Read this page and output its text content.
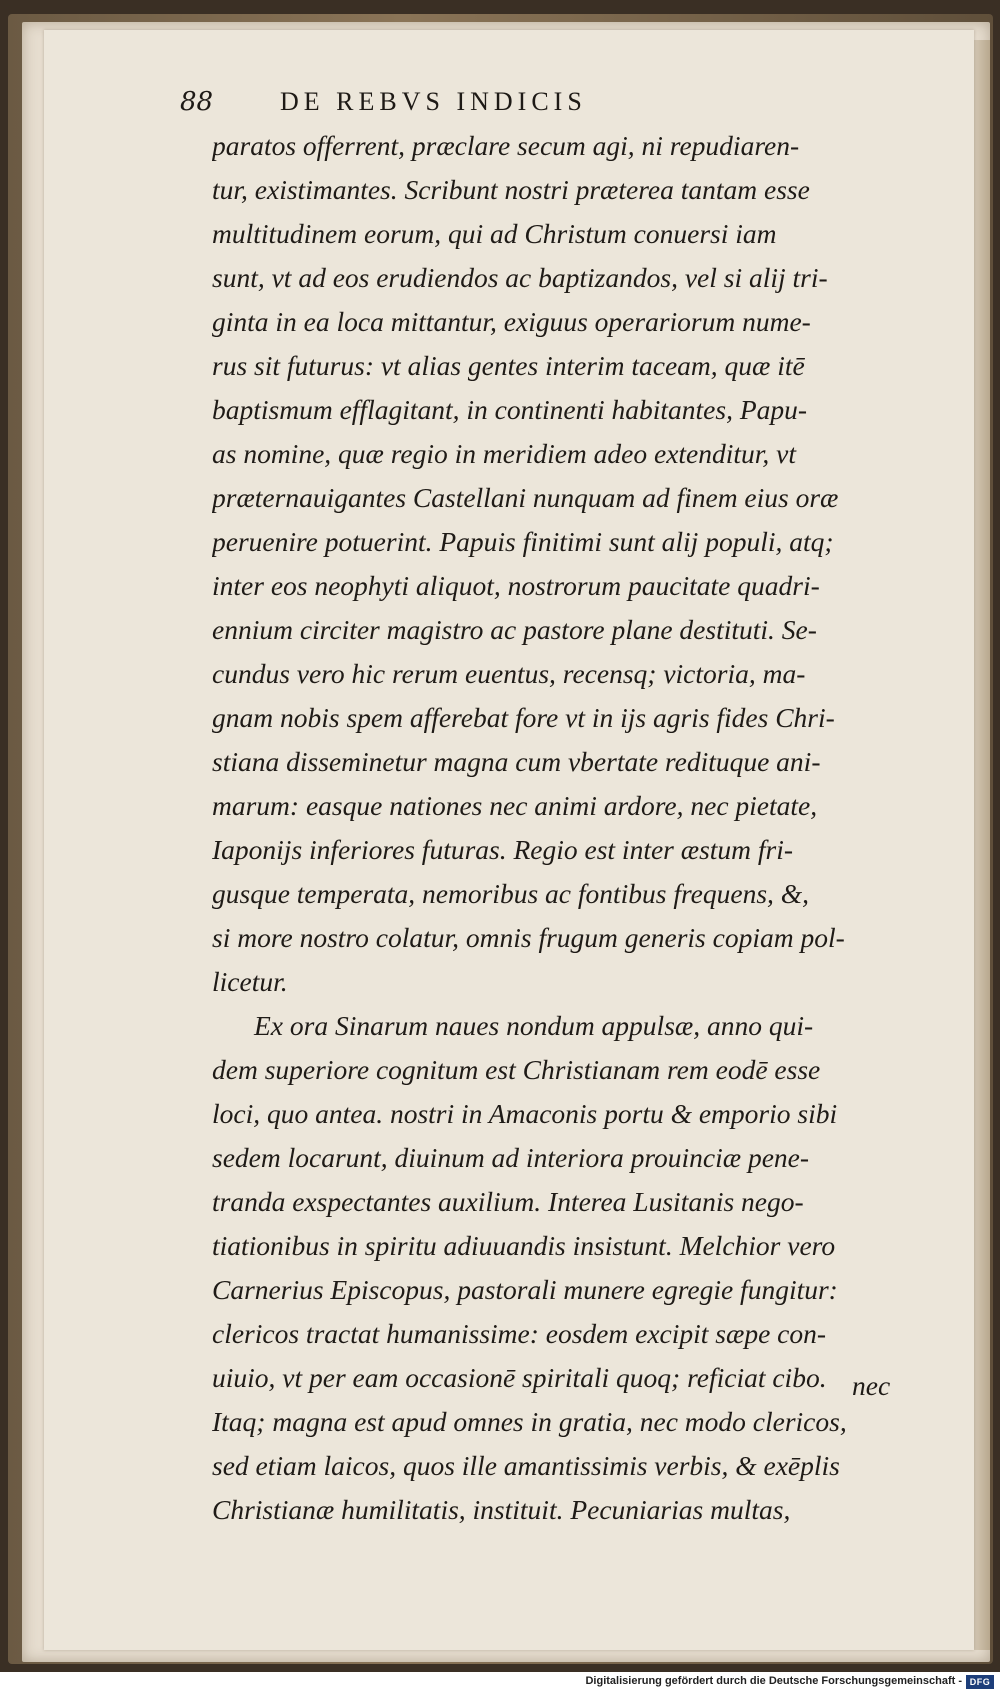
88	DE REBVS INDICIS
paratos offerrent, præclare secum agi, ni repudiaren-
tur, existimantes. Scribunt nostri præterea tantam esse
multitudinem eorum, qui ad Christum conuersi iam
sunt, vt ad eos erudiendos ac baptizandos, vel si alij tri-
ginta in ea loca mittantur, exiguus operariorum nume-
rus sit futurus: vt alias gentes interim taceam, quæ itē
baptismum efflagitant, in continenti habitantes, Papu-
as nomine, quæ regio in meridiem adeo extenditur, vt
præternauigantes Castellani nunquam ad finem eius oræ
peruenire potuerint. Papuis finitimi sunt alij populi, atq;
inter eos neophyti aliquot, nostrorum paucitate quadri-
ennium circiter magistro ac pastore plane destituti. Se-
cundus vero hic rerum euentus, recensq; victoria, ma-
gnam nobis spem afferebat fore vt in ijs agris fides Chri-
stiana disseminetur magna cum vbertate redituque ani-
marum: easque nationes nec animi ardore, nec pietate,
Iaponijs inferiores futuras. Regio est inter æstum fri-
gusque temperata, nemoribus ac fontibus frequens, &,
si more nostro colatur, omnis frugum generis copiam pol-
licetur.
Ex ora Sinarum naues nondum appulsæ, anno qui-
dem superiore cognitum est Christianam rem eodē esse
loci, quo antea. nostri in Amaconis portu & emporio sibi
sedem locarunt, diuinum ad interiora prouinciæ pene-
tranda exspectantes auxilium. Interea Lusitanis nego-
tiationibus in spiritu adiuuandis insistunt. Melchior vero
Carnerius Episcopus, pastorali munere egregie fungitur:
clericos tractat humanissime: eosdem excipit sæpe con-
uiuio, vt per eam occasionē spiritali quoq; reficiat cibo.
Itaq; magna est apud omnes in gratia, nec modo clericos,
sed etiam laicos, quos ille amantissimis verbis, & exēplis
Christianæ humilitatis, instituit. Pecuniarias multas,
nec
Digitalisierung gefördert durch die Deutsche Forschungsgemeinschaft - DFG
